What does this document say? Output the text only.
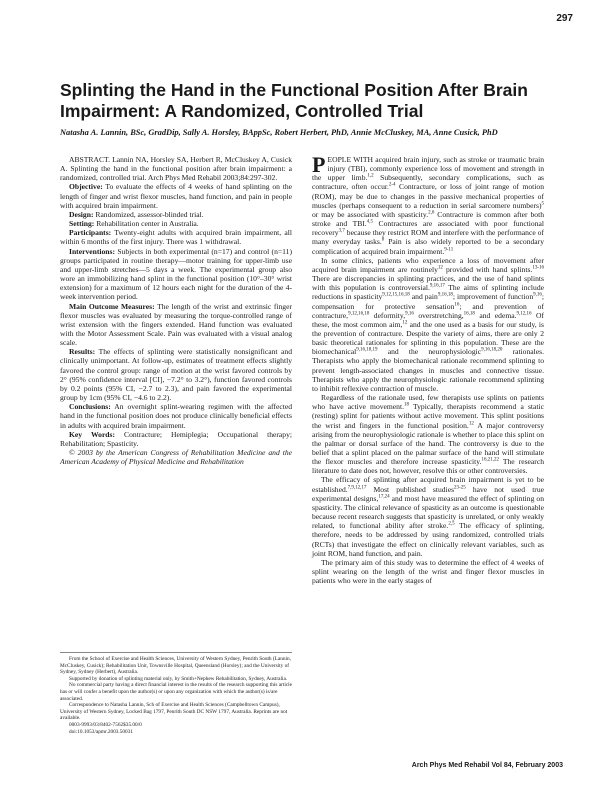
297
Splinting the Hand in the Functional Position After Brain Impairment: A Randomized, Controlled Trial

Natasha A. Lannin, BSc, GradDip, Sally A. Horsley, BAppSc, Robert Herbert, PhD, Annie McCluskey, MA, Anne Cusick, PhD

ABSTRACT. Lannin NA, Horsley SA, Herbert R, McCluskey A, Cusick A. Splinting the hand in the functional position after brain impairment: a randomized, controlled trial. Arch Phys Med Rehabil 2003;84:297-302.

Objective: To evaluate the effects of 4 weeks of hand splinting on the length of finger and wrist flexor muscles, hand function, and pain in people with acquired brain impairment.

Design: Randomized, assessor-blinded trial.

Setting: Rehabilitation center in Australia.

Participants: Twenty-eight adults with acquired brain impairment, all within 6 months of the first injury. There was 1 withdrawal.

Interventions: Subjects in both experimental (n=17) and control (n=11) groups participated in routine therapy—motor training for upper-limb use and upper-limb stretches—5 days a week. The experimental group also wore an immobilizing hand splint in the functional position (10°–30° wrist extension) for a maximum of 12 hours each night for the duration of the 4-week intervention period.

Main Outcome Measures: The length of the wrist and extrinsic finger flexor muscles was evaluated by measuring the torque-controlled range of wrist extension with the fingers extended. Hand function was evaluated with the Motor Assessment Scale. Pain was evaluated with a visual analog scale.

Results: The effects of splinting were statistically nonsignificant and clinically unimportant. At follow-up, estimates of treatment effects slightly favored the control group: range of motion at the wrist favored controls by 2° (95% confidence interval [CI], −7.2° to 3.2°), function favored controls by 0.2 points (95% CI, −2.7 to 2.3), and pain favored the experimental group by 1cm (95% CI, −4.6 to 2.2).

Conclusions: An overnight splint-wearing regimen with the affected hand in the functional position does not produce clinically beneficial effects in adults with acquired brain impairment.

Key Words: Contracture; Hemiplegia; Occupational therapy; Rehabilitation; Spasticity.

© 2003 by the American Congress of Rehabilitation Medicine and the American Academy of Physical Medicine and Rehabilitation

From the School of Exercise and Health Sciences, University of Western Sydney, Penrith South (Lannin, McCluskey, Cusick); Rehabilitation Unit, Townsville Hospital, Queensland (Horsley); and the University of Sydney, Sydney (Herbert), Australia.

Supported by donation of splinting material only, by Smith+Nephew Rehabilitation, Sydney, Australia.

No commercial party having a direct financial interest in the results of the research supporting this article has or will confer a benefit upon the author(s) or upon any organization with which the author(s) is/are associated.

Correspondence to Natasha Lannin, Sch of Exercise and Health Sciences (Campbelltown Campus), University of Western Sydney, Locked Bag 1797, Penrith South DC NSW 1797, Australia. Reprints are not available.

0003-9993/03/8402-7562$35.00/0

doi:10.1053/apmr.2003.50031

PEOPLE WITH acquired brain injury, such as stroke or traumatic brain injury (TBI), commonly experience loss of movement and strength in the upper limb.$^{1,2}$ Subsequently, secondary complications, such as contracture, often occur.$^{2-4}$ Contracture, or loss of joint range of motion (ROM), may be due to changes in the passive mechanical properties of muscles (perhaps consequent to a reduction in serial sarcomere numbers)$^5$ or may be associated with spasticity.$^{2,6}$ Contracture is common after both stroke and TBI.$^{4,5}$ Contractures are associated with poor functional recovery$^{3,7}$ because they restrict ROM and interfere with the performance of many everyday tasks.$^8$ Pain is also widely reported to be a secondary complication of acquired brain impairment.$^{9-11}$

In some clinics, patients who experience a loss of movement after acquired brain impairment are routinely$^{12}$ provided with hand splints.$^{13-16}$ There are discrepancies in splinting practices, and the use of hand splints with this population is controversial.$^{9,16,17}$ The aims of splinting include reductions in spasticity$^{9,12,15,16,18}$ and pain$^{9,16,18}$; improvement of function$^{9,16}$; compensation for protective sensation$^{16}$; and prevention of contracture,$^{9,12,16,18}$ deformity,$^{9,16}$ overstretching,$^{16,18}$ and edema.$^{9,12,16}$ Of these, the most common aim,$^{12}$ and the one used as a basis for our study, is the prevention of contracture. Despite the variety of aims, there are only 2 basic theoretical rationales for splinting in this population. These are the biomechanical$^{9,16,18,19}$ and the neurophysiologic$^{9,16,18,20}$ rationales. Therapists who apply the biomechanical rationale recommend splinting to prevent length-associated changes in muscles and connective tissue. Therapists who apply the neurophysiologic rationale recommend splinting to inhibit reflexive contraction of muscle.

Regardless of the rationale used, few therapists use splints on patients who have active movement.$^{18}$ Typically, therapists recommend a static (resting) splint for patients without active movement. This splint positions the wrist and fingers in the functional position.$^{12}$ A major controversy arising from the neurophysiologic rationale is whether to place this splint on the palmar or dorsal surface of the hand. The controversy is due to the belief that a splint placed on the palmar surface of the hand will stimulate the flexor muscles and therefore increase spasticity.$^{16,21,22}$ The research literature to date does not, however, resolve this or other controversies.

The efficacy of splinting after acquired brain impairment is yet to be established.$^{7,9,12,17}$ Most published studies$^{23-25}$ have not used true experimental designs,$^{17,24}$ and most have measured the effect of splinting on spasticity. The clinical relevance of spasticity as an outcome is questionable because recent research suggests that spasticity is unrelated, or only weakly related, to functional ability after stroke.$^{2,5}$ The efficacy of splinting, therefore, needs to be addressed by using randomized, controlled trials (RCTs) that investigate the effect on clinically relevant variables, such as joint ROM, hand function, and pain.

The primary aim of this study was to determine the effect of 4 weeks of splint wearing on the length of the wrist and finger flexor muscles in patients who were in the early stages of

Arch Phys Med Rehabil Vol 84, February 2003
